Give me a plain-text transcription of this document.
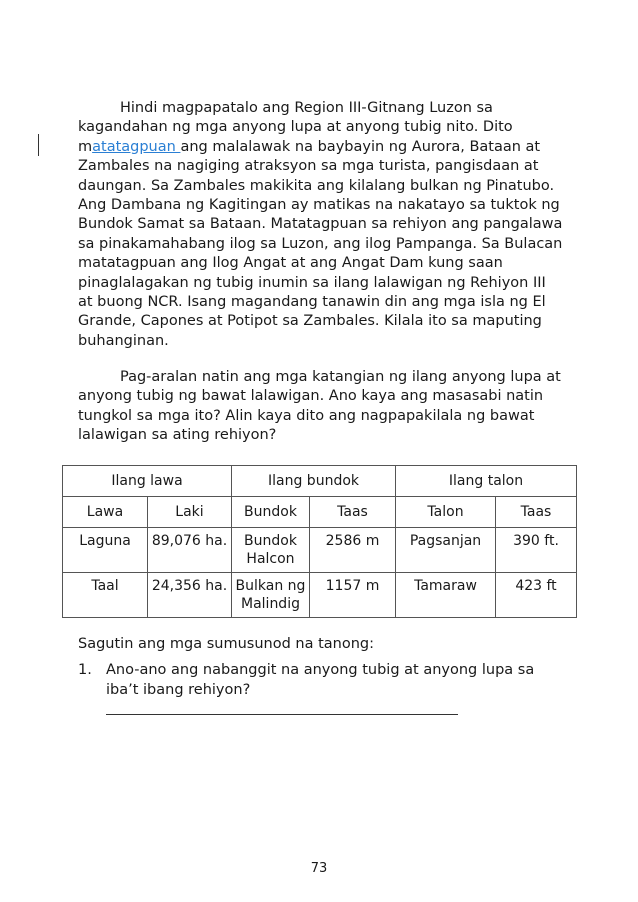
Hindi magpapatalo ang Region III-Gitnang Luzon sa kagandahan ng mga anyong lupa at anyong tubig nito. Dito matatagpuan ang malalawak na baybayin ng Aurora, Bataan at Zambales na nagiging atraksyon sa mga turista, pangisdaan at daungan. Sa Zambales makikita ang kilalang bulkan ng Pinatubo. Ang Dambana ng Kagitingan ay matikas na nakatayo sa tuktok ng Bundok Samat sa Bataan. Matatagpuan sa rehiyon ang pangalawa sa pinakamahabang ilog sa Luzon, ang ilog Pampanga. Sa Bulacan matatagpuan ang Ilog Angat at ang Angat Dam kung saan pinaglalagakan ng tubig inumin sa ilang lalawigan ng Rehiyon III at buong NCR. Isang magandang tanawin din ang mga isla ng El Grande, Capones at Potipot sa Zambales. Kilala ito sa maputing buhanginan.

Pag-aralan natin ang mga katangian ng ilang anyong lupa at anyong tubig ng bawat lalawigan. Ano kaya ang masasabi natin tungkol sa mga ito? Alin kaya dito ang nagpapakilala ng bawat lalawigan sa ating rehiyon?

Ilang lawa		Ilang bundok		Ilang talon	
Lawa	Laki	Bundok	Taas	Talon	Taas
Laguna	89,076 ha.	Bundok Halcon	2586 m	Pagsanjan	390 ft.
Taal	24,356 ha.	Bulkan ng Malindig	1157 m	Tamaraw	423 ft

Sagutin ang mga sumusunod na tanong:

1. Ano-ano ang nabanggit na anyong tubig at anyong lupa sa iba’t ibang rehiyon?
73
